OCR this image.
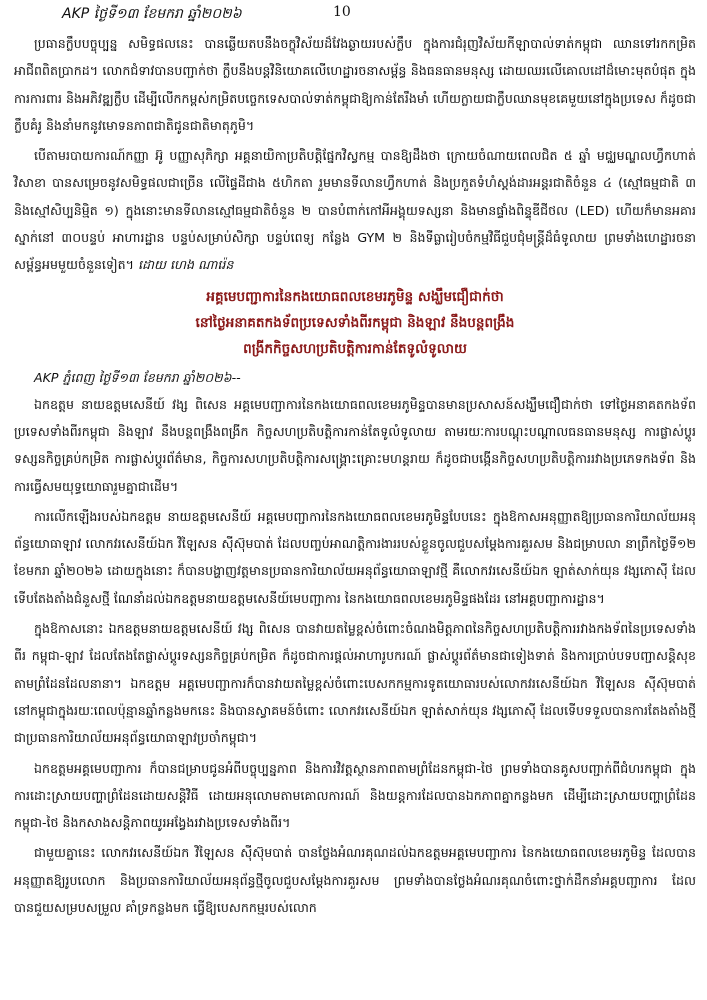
AKP ថ្ងៃទី១៣ ខែមករា ឆ្នាំ២០២៦	10

ប្រធានក្លឹបបច្ចុប្បន្ន សមិទ្ធផលនេះ បានឆ្លើយតបនឹងចក្ខុវិស័យដ៏វែងឆ្ងាយរបស់ក្លឹប ក្នុងការជំរុញវិស័យកីឡាបាល់ទាត់កម្ពុជា ឈានទៅរកកម្រិតអាជីពពិតប្រាកដ។ លោកជំទាវបានបញ្ជាក់ថា ក្លឹបនឹងបន្តវិនិយោគលើហេដ្ឋារចនាសម្ព័ន្ធ និងធនធានមនុស្ស ដោយឈរលើគោលដៅដ៏មោះមុតបំផុត ក្នុងការការពារ និងអភិវឌ្ឍក្លឹប ដើម្បីលើកកម្ពស់កម្រិតបច្ចេកទេសបាល់ទាត់កម្ពុជាឱ្យកាន់តែរឹងមាំ ហើយក្លាយជាក្លឹបឈានមុខគេមួយនៅក្នុងប្រទេស ក៏ដូចជាក្លឹបគំរូ និងនាំមកនូវមោទនភាពជាតិជូនជាតិមាតុភូមិ។

បើតាមរបាយការណ៍កញ្ញា អ៊ូ បញ្ញាសុភិក្សា អគ្គនាយិកាប្រតិបត្តិផ្នែកវិស្វកម្ម បានឱ្យដឹងថា ក្រោយចំណាយពេលជិត ៥ ឆ្នាំ មជ្ឈមណ្ឌលហ្វឹកហាត់ វិសាខា បានសម្រេចនូវសមិទ្ធផលជាច្រើន លើផ្ទៃដីជាង ៥ហិកតា រួមមានទីលានហ្វឹកហាត់ និងប្រកួតទំហំស្តង់ដារអន្តរជាតិចំនួន ៤ (ស្មៅធម្មជាតិ ៣ និងស្មៅសិប្បនិម្មិត ១) ក្នុងនោះមានទីលានស្មៅធម្មជាតិចំនួន ២ បានបំពាក់កៅអីអង្គុយទស្សនា និងមានផ្ទាំងពិន្ទុឌីជីថល (LED) ហើយក៏មានអគារស្នាក់នៅ ៣០បន្ទប់ អាហារដ្ឋាន បន្ទប់សម្រាប់សិក្សា បន្ទប់ពេទ្យ កន្លែង GYM ២ និងទីធ្លារៀបចំកម្មវិធីជួបជុំមន្ត្រីដ៏ធំទូលាយ ព្រមទាំងហេដ្ឋារចនាសម្ព័ន្ធអមមួយចំនួនទៀត។ ដោយ ហេង ណារ៉េន

អគ្គមេបញ្ជាការនៃកងយោធពលខេមរភូមិន្ទ សង្ឃឹមជឿជាក់ថា
នៅថ្ងៃអនាគតកងទ័ពប្រទេសទាំងពីរកម្ពុជា និងឡាវ នឹងបន្តពង្រឹង
ពង្រីកកិច្ចសហប្រតិបត្តិការកាន់តែទូលំទូលាយ

AKP ភ្នំពេញ ថ្ងៃទី១៣ ខែមករា ឆ្នាំ២០២៦--

ឯកឧត្តម នាយឧត្តមសេនីយ៍ វង្ស ពិសេន អគ្គមេបញ្ជាការនៃកងយោធពលខេមរភូមិន្ទបានមានប្រសាសន៍សង្ឃឹមជឿជាក់ថា ទៅថ្ងៃអនាគតកងទ័ពប្រទេសទាំងពីរកម្ពុជា និងឡាវ នឹងបន្តពង្រឹងពង្រីក កិច្ចសហប្រតិបត្តិការកាន់តែទូលំទូលាយ តាមរយៈការបណ្តុះបណ្តាលធនធានមនុស្ស ការផ្លាស់ប្តូរទស្សនកិច្ចគ្រប់កម្រិត ការផ្លាស់ប្តូរព័ត៌មាន, កិច្ចការសហប្រតិបត្តិការសង្គ្រោះគ្រោះមហន្តរាយ ក៏ដូចជាបង្កើនកិច្ចសហប្រតិបត្តិការរវាងប្រភេទកងទ័ព និងការធ្វើសមយុទ្ធយោធារួមគ្នាជាដើម។

ការលើកឡើងរបស់ឯកឧត្តម នាយឧត្តមសេនីយ៍ អគ្គមេបញ្ជាការនៃកងយោធពលខេមរភូមិន្ទបែបនេះ ក្នុងឱកាសអនុញ្ញាតឱ្យប្រធានការិយាល័យអនុព័ន្ធយោធាឡាវ លោកវរសេនីយ៍ឯក វិឡៃសន ស៊ីស៊ុមបាត់ ដែលបញ្ចប់អាណត្តិការងាររបស់ខ្លួនចូលជួបសម្តែងការគួរសម និងជម្រាបលា នាព្រឹកថ្ងៃទី១២ ខែមករា ឆ្នាំ២០២៦ ដោយក្នុងនោះ ក៏បានបង្ហាញវត្តមានប្រធានការិយាល័យអនុព័ន្ធយោធាឡាវថ្មី គឺលោកវរសេនីយ៍ឯក ឡាត់សាក់យុន វង្សភោស៊ី ដែលទើបតែងតាំងជំនួសថ្មី ណែនាំដល់ឯកឧត្តមនាយឧត្តមសេនីយ៍មេបញ្ជាការ នៃកងយោធពលខេមរភូមិន្ទផងដែរ នៅអគ្គបញ្ជាការដ្ឋាន។

ក្នុងឱកាសនោះ ឯកឧត្តមនាយឧត្តមសេនីយ៍ វង្ស ពិសេន បានវាយតម្លៃខ្ពស់ចំពោះចំណងមិត្តភាពនៃកិច្ចសហប្រតិបត្តិការរវាងកងទ័ពនៃប្រទេសទាំងពីរ កម្ពុជា-ឡាវ ដែលតែងតែផ្លាស់ប្តូរទស្សនកិច្ចគ្រប់កម្រិត ក៏ដូចជាការផ្តល់អាហារូបករណ៍ ផ្លាស់ប្តូរព័ត៌មានជាទៀងទាត់ និងការប្រាប់បទបញ្ជាសន្តិសុខតាមព្រំដែនដែលនានា។ ឯកឧត្តម អគ្គមេបញ្ជាការក៏បានវាយតម្លៃខ្ពស់ចំពោះបេសកកម្មការទូតយោធារបស់លោកវរសេនីយ៍ឯក វិឡៃសន ស៊ីស៊ុមបាត់ នៅកម្ពុជាក្នុងរយៈពេលប៉ុន្មានឆ្នាំកន្លងមកនេះ និងបានស្វាគមន៍ចំពោះ លោកវរសេនីយ៍ឯក ឡាត់សាក់យុន វង្សភោស៊ី ដែលទើបទទួលបានការតែងតាំងថ្មី ជាប្រធានការិយាល័យអនុព័ន្ធយោធាឡាវប្រចាំកម្ពុជា។

ឯកឧត្តមអគ្គមេបញ្ជាការ ក៏បានជម្រាបជូនអំពីបច្ចុប្បន្នភាព និងការវិវត្តស្ថានភាពតាមព្រំដែនកម្ពុជា-ថៃ ព្រមទាំងបានគូសបញ្ជាក់ពីជំហរកម្ពុជា ក្នុងការដោះស្រាយបញ្ហាព្រំដែនដោយសន្តិវិធី ដោយអនុលោមតាមគោលការណ៍ និងយន្តការដែលបានឯកភាពគ្នាកន្លងមក ដើម្បីដោះស្រាយបញ្ហាព្រំដែនកម្ពុជា-ថៃ និងកសាងសន្តិភាពយូរអង្វែងរវាងប្រទេសទាំងពីរ។

ជាមួយគ្នានេះ លោកវរសេនីយ៍ឯក វិឡៃសន ស៊ីស៊ុមបាត់ បានថ្លែងអំណរគុណដល់ឯកឧត្តមអគ្គមេបញ្ជាការ នៃកងយោធពលខេមរភូមិន្ទ ដែលបានអនុញ្ញាតឱ្យរូបលោក និងប្រធានការិយាល័យអនុព័ន្ធថ្មីចូលជួបសម្តែងការគួរសម ព្រមទាំងបានថ្លែងអំណរគុណចំពោះថ្នាក់ដឹកនាំអគ្គបញ្ជាការ ដែលបានជួយសម្របសម្រួល គាំទ្រកន្លងមក ធ្វើឱ្យបេសកកម្មរបស់លោក
